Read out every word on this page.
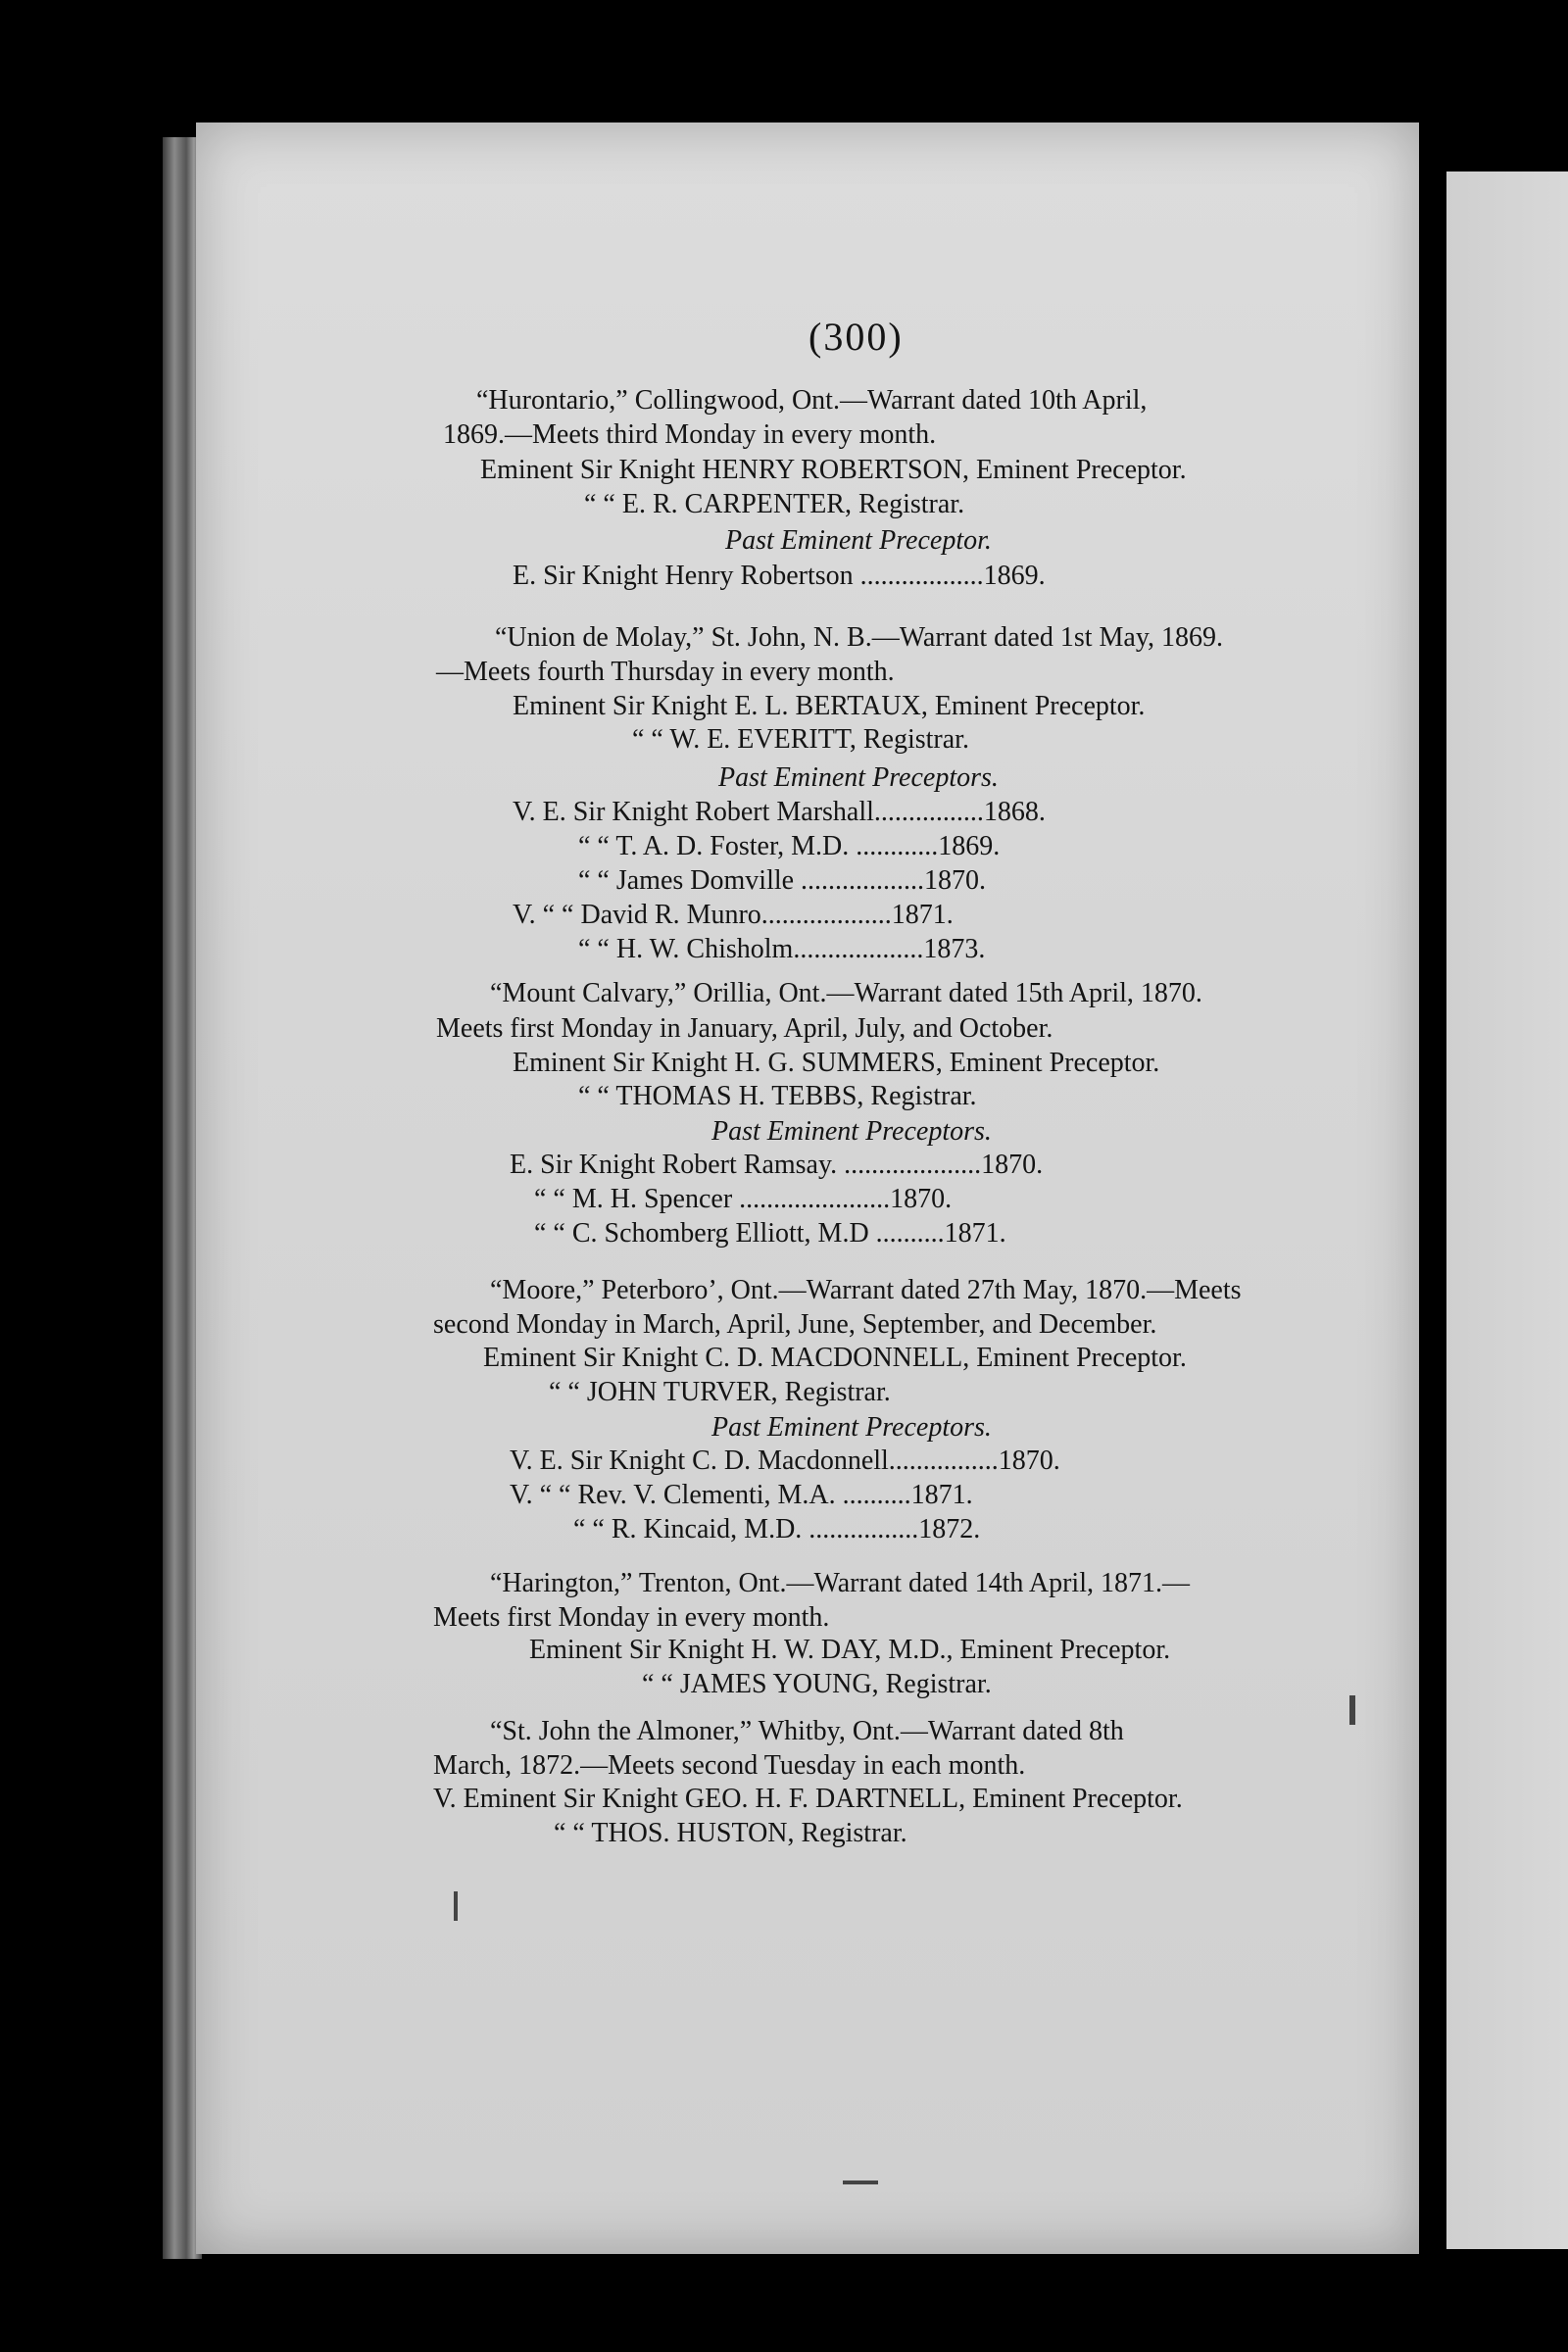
(300)
“Hurontario,” Collingwood, Ont.—Warrant dated 10th April,
1869.—Meets third Monday in every month.
Eminent Sir Knight HENRY ROBERTSON, Eminent Preceptor.
“ “ E. R. CARPENTER, Registrar.
Past Eminent Preceptor.
E. Sir Knight Henry Robertson ..................1869.
“Union de Molay,” St. John, N. B.—Warrant dated 1st May, 1869.
—Meets fourth Thursday in every month.
Eminent Sir Knight E. L. BERTAUX, Eminent Preceptor.
“ “ W. E. EVERITT, Registrar.
Past Eminent Preceptors.
V. E. Sir Knight Robert Marshall................1868.
“ “ T. A. D. Foster, M.D. ............1869.
“ “ James Domville ..................1870.
V. “ “ David R. Munro...................1871.
“ “ H. W. Chisholm...................1873.
“Mount Calvary,” Orillia, Ont.—Warrant dated 15th April, 1870.
Meets first Monday in January, April, July, and October.
Eminent Sir Knight H. G. SUMMERS, Eminent Preceptor.
“ “ THOMAS H. TEBBS, Registrar.
Past Eminent Preceptors.
E. Sir Knight Robert Ramsay. ....................1870.
“ “ M. H. Spencer ......................1870.
“ “ C. Schomberg Elliott, M.D ..........1871.
“Moore,” Peterboro’, Ont.—Warrant dated 27th May, 1870.—Meets
second Monday in March, April, June, September, and December.
Eminent Sir Knight C. D. MACDONNELL, Eminent Preceptor.
“ “ JOHN TURVER, Registrar.
Past Eminent Preceptors.
V. E. Sir Knight C. D. Macdonnell................1870.
V. “ “ Rev. V. Clementi, M.A. ..........1871.
“ “ R. Kincaid, M.D. ................1872.
“Harington,” Trenton, Ont.—Warrant dated 14th April, 1871.—
Meets first Monday in every month.
Eminent Sir Knight H. W. DAY, M.D., Eminent Preceptor.
“ “ JAMES YOUNG, Registrar.
“St. John the Almoner,” Whitby, Ont.—Warrant dated 8th
March, 1872.—Meets second Tuesday in each month.
V. Eminent Sir Knight GEO. H. F. DARTNELL, Eminent Preceptor.
“ “ THOS. HUSTON, Registrar.
